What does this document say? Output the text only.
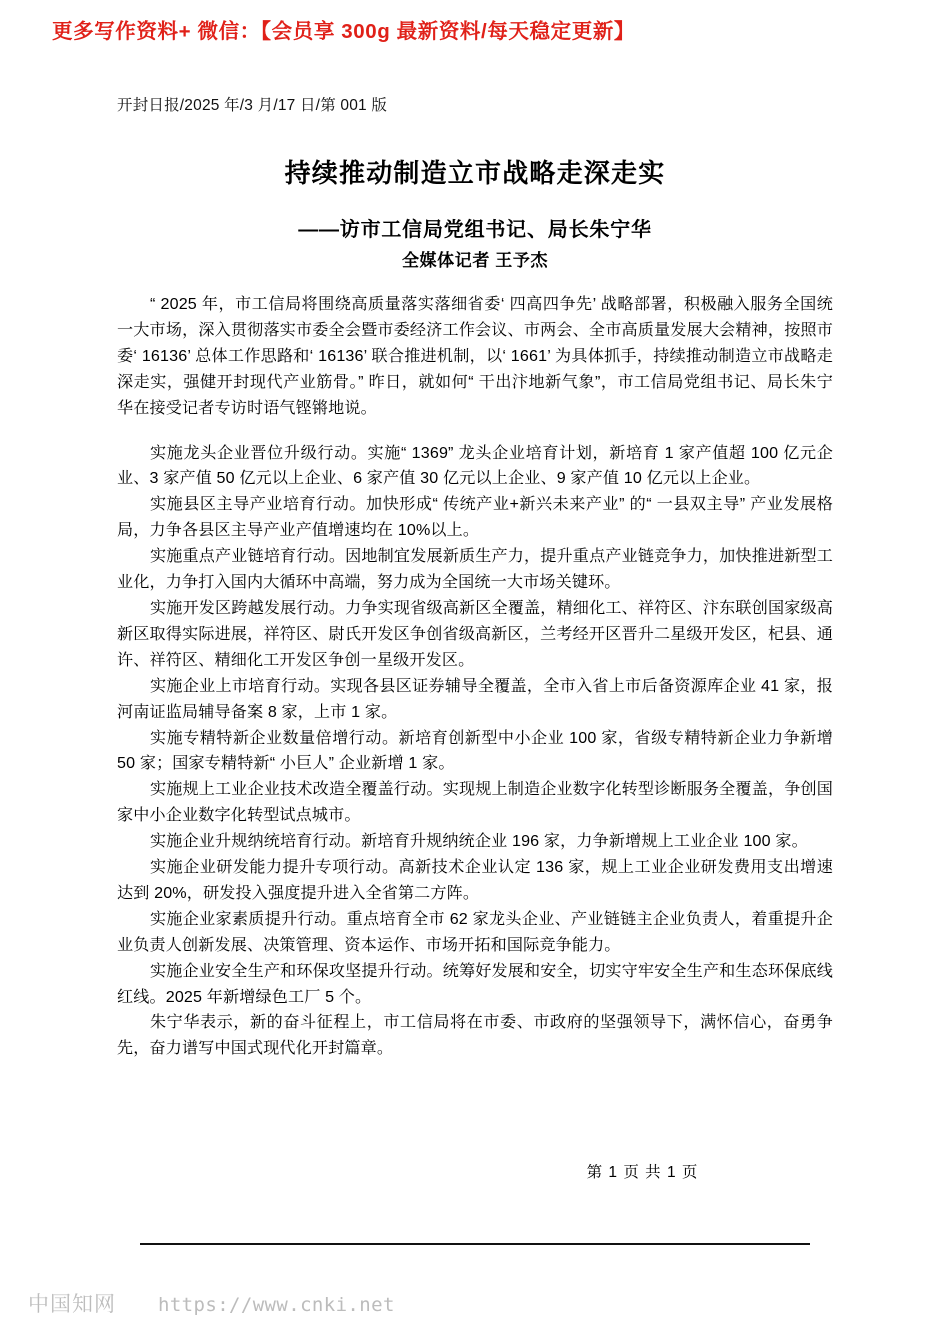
更多写作资料+ 微信：【会员享 300g 最新资料/每天稳定更新】
开封日报/2025 年/3 月/17 日/第 001 版
持续推动制造立市战略走深走实
——访市工信局党组书记、局长朱宁华
全媒体记者 王予杰

“ 2025 年，市工信局将围绕高质量落实落细省委‘ 四高四争先’ 战略部署，积极融入服务全国统一大市场，深入贯彻落实市委全会暨市委经济工作会议、市两会、全市高质量发展大会精神，按照市委‘ 16136’ 总体工作思路和‘ 16136’ 联合推进机制，以‘ 1661’ 为具体抓手，持续推动制造立市战略走深走实，强健开封现代产业筋骨。” 昨日，就如何“ 干出汴地新气象”，市工信局党组书记、局长朱宁华在接受记者专访时语气铿锵地说。

实施龙头企业晋位升级行动。实施“ 1369” 龙头企业培育计划，新培育 1 家产值超 100 亿元企业、3 家产值 50 亿元以上企业、6 家产值 30 亿元以上企业、9 家产值 10 亿元以上企业。

实施县区主导产业培育行动。加快形成“ 传统产业+新兴未来产业” 的“ 一县双主导” 产业发展格局，力争各县区主导产业产值增速均在 10%以上。

实施重点产业链培育行动。因地制宜发展新质生产力，提升重点产业链竞争力，加快推进新型工业化，力争打入国内大循环中高端，努力成为全国统一大市场关键环。

实施开发区跨越发展行动。力争实现省级高新区全覆盖，精细化工、祥符区、汴东联创国家级高新区取得实际进展，祥符区、尉氏开发区争创省级高新区，兰考经开区晋升二星级开发区，杞县、通许、祥符区、精细化工开发区争创一星级开发区。

实施企业上市培育行动。实现各县区证券辅导全覆盖，全市入省上市后备资源库企业 41 家，报河南证监局辅导备案 8 家，上市 1 家。

实施专精特新企业数量倍增行动。新培育创新型中小企业 100 家，省级专精特新企业力争新增 50 家；国家专精特新“ 小巨人” 企业新增 1 家。

实施规上工业企业技术改造全覆盖行动。实现规上制造企业数字化转型诊断服务全覆盖，争创国家中小企业数字化转型试点城市。

实施企业升规纳统培育行动。新培育升规纳统企业 196 家，力争新增规上工业企业 100 家。

实施企业研发能力提升专项行动。高新技术企业认定 136 家，规上工业企业研发费用支出增速达到 20%，研发投入强度提升进入全省第二方阵。

实施企业家素质提升行动。重点培育全市 62 家龙头企业、产业链链主企业负责人，着重提升企业负责人创新发展、决策管理、资本运作、市场开拓和国际竞争能力。

实施企业安全生产和环保攻坚提升行动。统筹好发展和安全，切实守牢安全生产和生态环保底线红线。2025 年新增绿色工厂 5 个。

朱宁华表示，新的奋斗征程上，市工信局将在市委、市政府的坚强领导下，满怀信心，奋勇争先，奋力谱写中国式现代化开封篇章。

第 1 页 共 1 页
中国知网 https://www.cnki.net
